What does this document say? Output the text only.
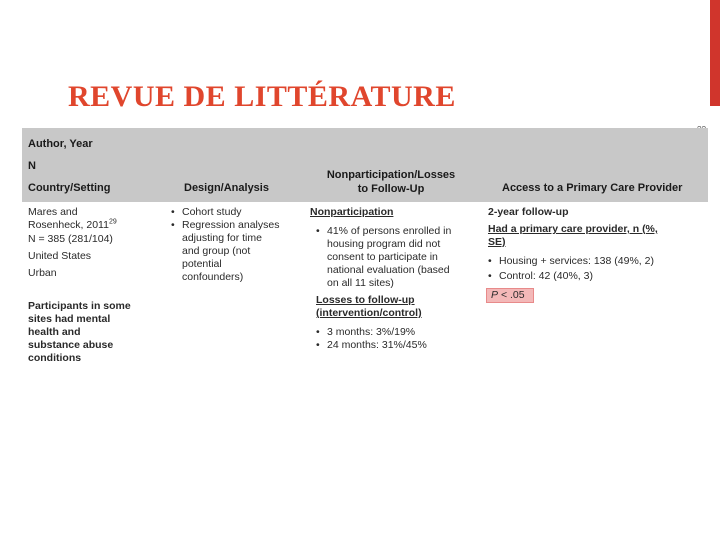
REVUE DE LITTÉRATURE
Author, Year
N
Country/Setting	Design/Analysis
Nonparticipation/Losses
to Follow-Up	Access to a Primary Care Provider

Mares and

Rosenheck, 2011$^{29}$

N = 385 (281/104)

United States

Urban

Participants in some

sites had mental

health and

substance abuse

conditions

• Cohort study

• Regression analyses

adjusting for time

and group (not

potential

confounders)

Nonparticipation

• 41% of persons enrolled in

housing program did not

consent to participate in

national evaluation (based

on all 11 sites)

Losses to follow-up

(intervention/control)

• 3 months: 3%/19%

• 24 months: 31%/45%

2-year follow-up

Had a primary care provider, n (%,

SE)

• Housing + services: 138 (49%, 2)

• Control: 42 (40%, 3)

P < .05
